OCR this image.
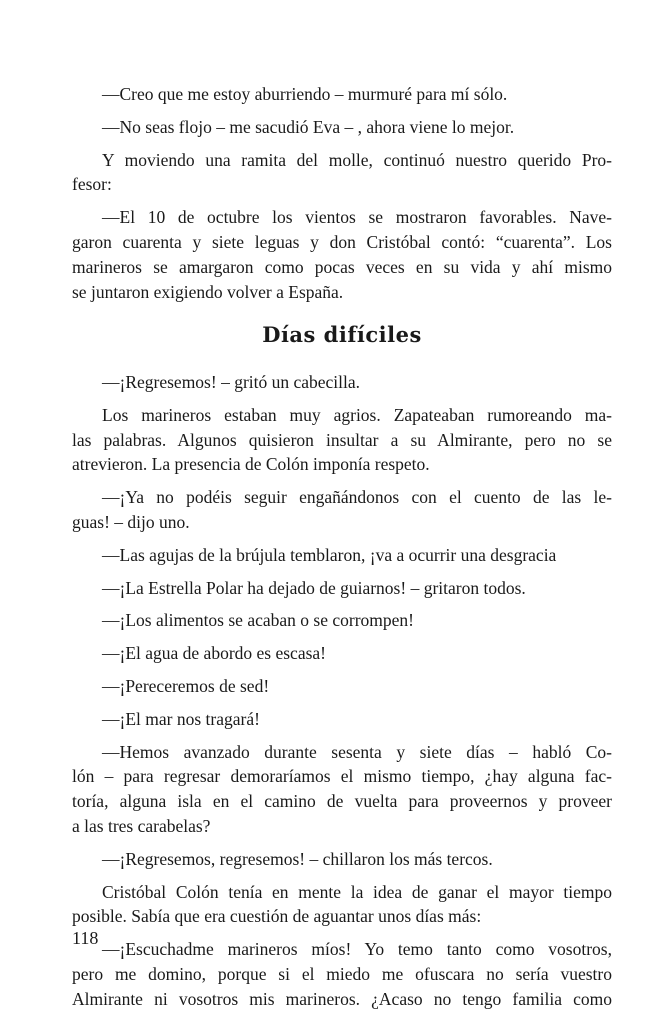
—Creo que me estoy aburriendo – murmuré para mí sólo.
—No seas flojo – me sacudió Eva – , ahora viene lo mejor.
Y moviendo una ramita del molle, continuó nuestro querido Pro-
fesor:
—El 10 de octubre los vientos se mostraron favorables. Nave-
garon cuarenta y siete leguas y don Cristóbal contó: “cuarenta”. Los
marineros se amargaron como pocas veces en su vida y ahí mismo
se juntaron exigiendo volver a España.
Días difíciles
—¡Regresemos! – gritó un cabecilla.
Los marineros estaban muy agrios. Zapateaban rumoreando ma-
las palabras. Algunos quisieron insultar a su Almirante, pero no se
atrevieron. La presencia de Colón imponía respeto.
—¡Ya no podéis seguir engañándonos con el cuento de las le-
guas! – dijo uno.
—Las agujas de la brújula temblaron, ¡va a ocurrir una desgracia
—¡La Estrella Polar ha dejado de guiarnos! – gritaron todos.
—¡Los alimentos se acaban o se corrompen!
—¡El agua de abordo es escasa!
—¡Pereceremos de sed!
—¡El mar nos tragará!
—Hemos avanzado durante sesenta y siete días – habló Co-
lón – para regresar demoraríamos el mismo tiempo, ¿hay alguna fac-
toría, alguna isla en el camino de vuelta para proveernos y proveer
a las tres carabelas?
—¡Regresemos, regresemos! – chillaron los más tercos.
Cristóbal Colón tenía en mente la idea de ganar el mayor tiempo
posible. Sabía que era cuestión de aguantar unos días más:
—¡Escuchadme marineros míos! Yo temo tanto como vosotros,
pero me domino, porque si el miedo me ofuscara no sería vuestro
Almirante ni vosotros mis marineros. ¿Acaso no tengo familia como
118
